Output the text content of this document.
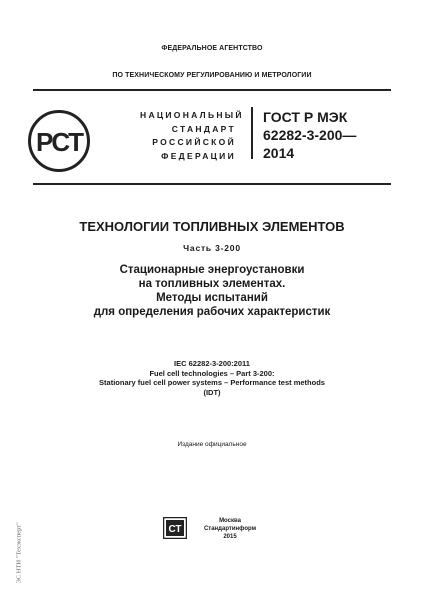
ФЕДЕРАЛЬНОЕ АГЕНТСТВО
ПО ТЕХНИЧЕСКОМУ РЕГУЛИРОВАНИЮ И МЕТРОЛОГИИ
PCT
НАЦИОНАЛЬНЫЙ
СТАНДАРТ
РОССИЙСКОЙ
ФЕДЕРАЦИИ
ГОСТ Р МЭК
62282-3-200—
2014
ТЕХНОЛОГИИ ТОПЛИВНЫХ ЭЛЕМЕНТОВ
Часть 3-200
Стационарные энергоустановки
на топливных элементах.
Методы испытаний
для определения рабочих характеристик
IEC 62282-3-200:2011
Fuel cell technologies – Part 3-200:
Stationary fuel cell power systems – Performance test methods
(IDT)
Издание официальное
СТ
Москва
Стандартинформ
2015
ЭС НТИ "Техэксперт"
